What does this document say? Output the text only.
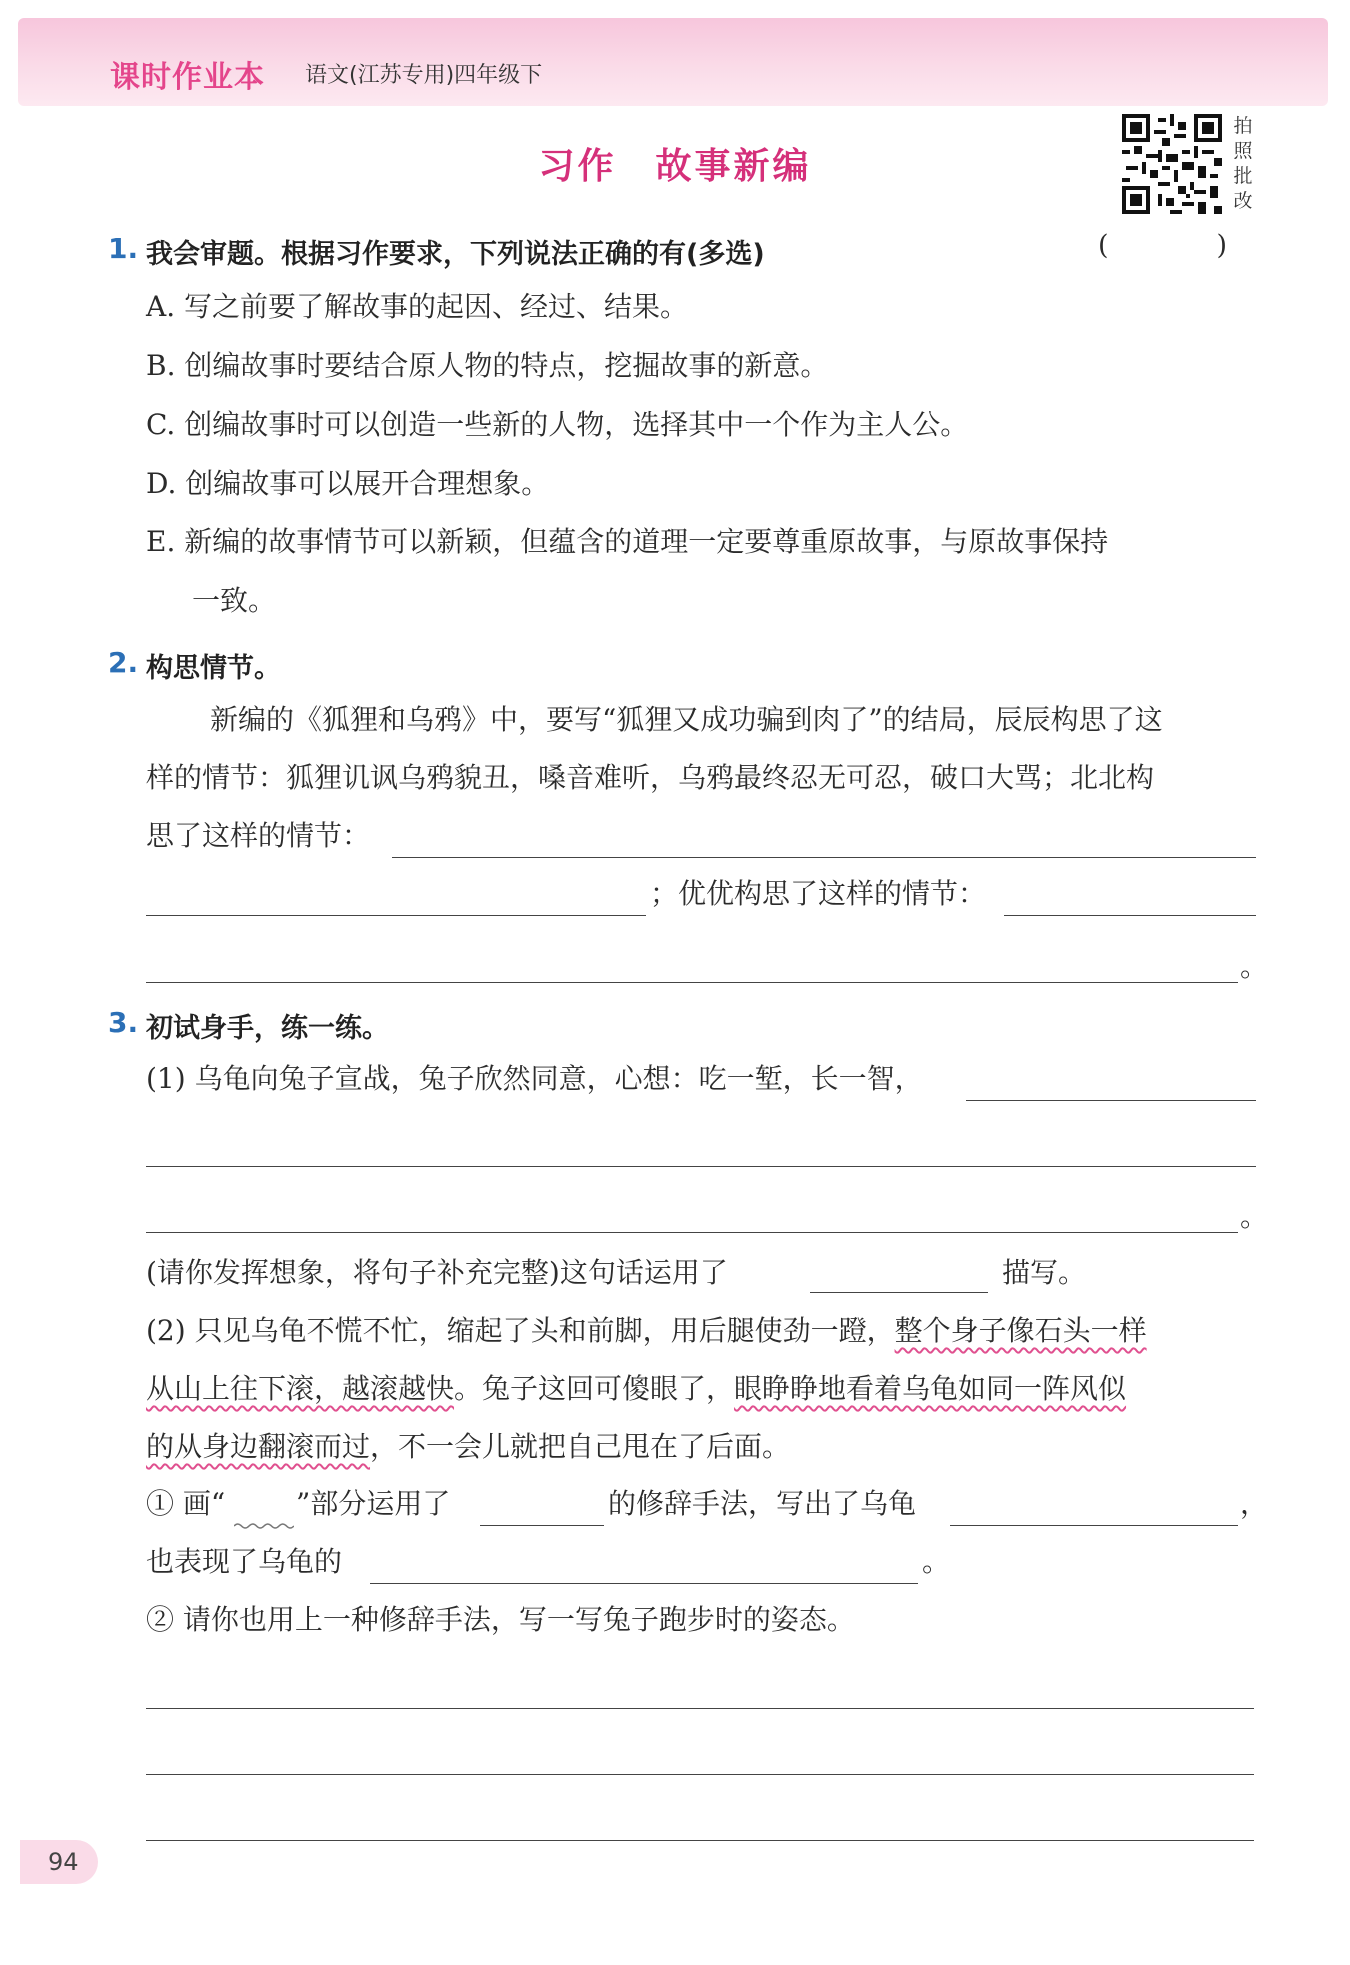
课时作业本 语文(江苏专用)四年级下
习作　故事新编
拍
照
批
改
1. 我会审题。根据习作要求，下列说法正确的有(多选)	(　　　　)
A. 写之前要了解故事的起因、经过、结果。
B. 创编故事时要结合原人物的特点，挖掘故事的新意。
C. 创编故事时可以创造一些新的人物，选择其中一个作为主人公。
D. 创编故事可以展开合理想象。
E. 新编的故事情节可以新颖，但蕴含的道理一定要尊重原故事，与原故事保持
一致。
2. 构思情节。
新编的《狐狸和乌鸦》中，要写“狐狸又成功骗到肉了”的结局，辰辰构思了这
样的情节：狐狸讥讽乌鸦貌丑，嗓音难听，乌鸦最终忍无可忍，破口大骂；北北构
思了这样的情节：
；优优构思了这样的情节：
。
3. 初试身手，练一练。
(1) 乌龟向兔子宣战，兔子欣然同意，心想：吃一堑，长一智，
。
(请你发挥想象，将句子补充完整)这句话运用了	描写。
(2) 只见乌龟不慌不忙，缩起了头和前脚，用后腿使劲一蹬，整个身子像石头一样
从山上往下滚，越滚越快。兔子这回可傻眼了，眼睁睁地看着乌龟如同一阵风似
的从身边翻滚而过，不一会儿就把自己甩在了后面。
① 画“	”部分运用了	的修辞手法，写出了乌龟	，
也表现了乌龟的	。
② 请你也用上一种修辞手法，写一写兔子跑步时的姿态。
94
